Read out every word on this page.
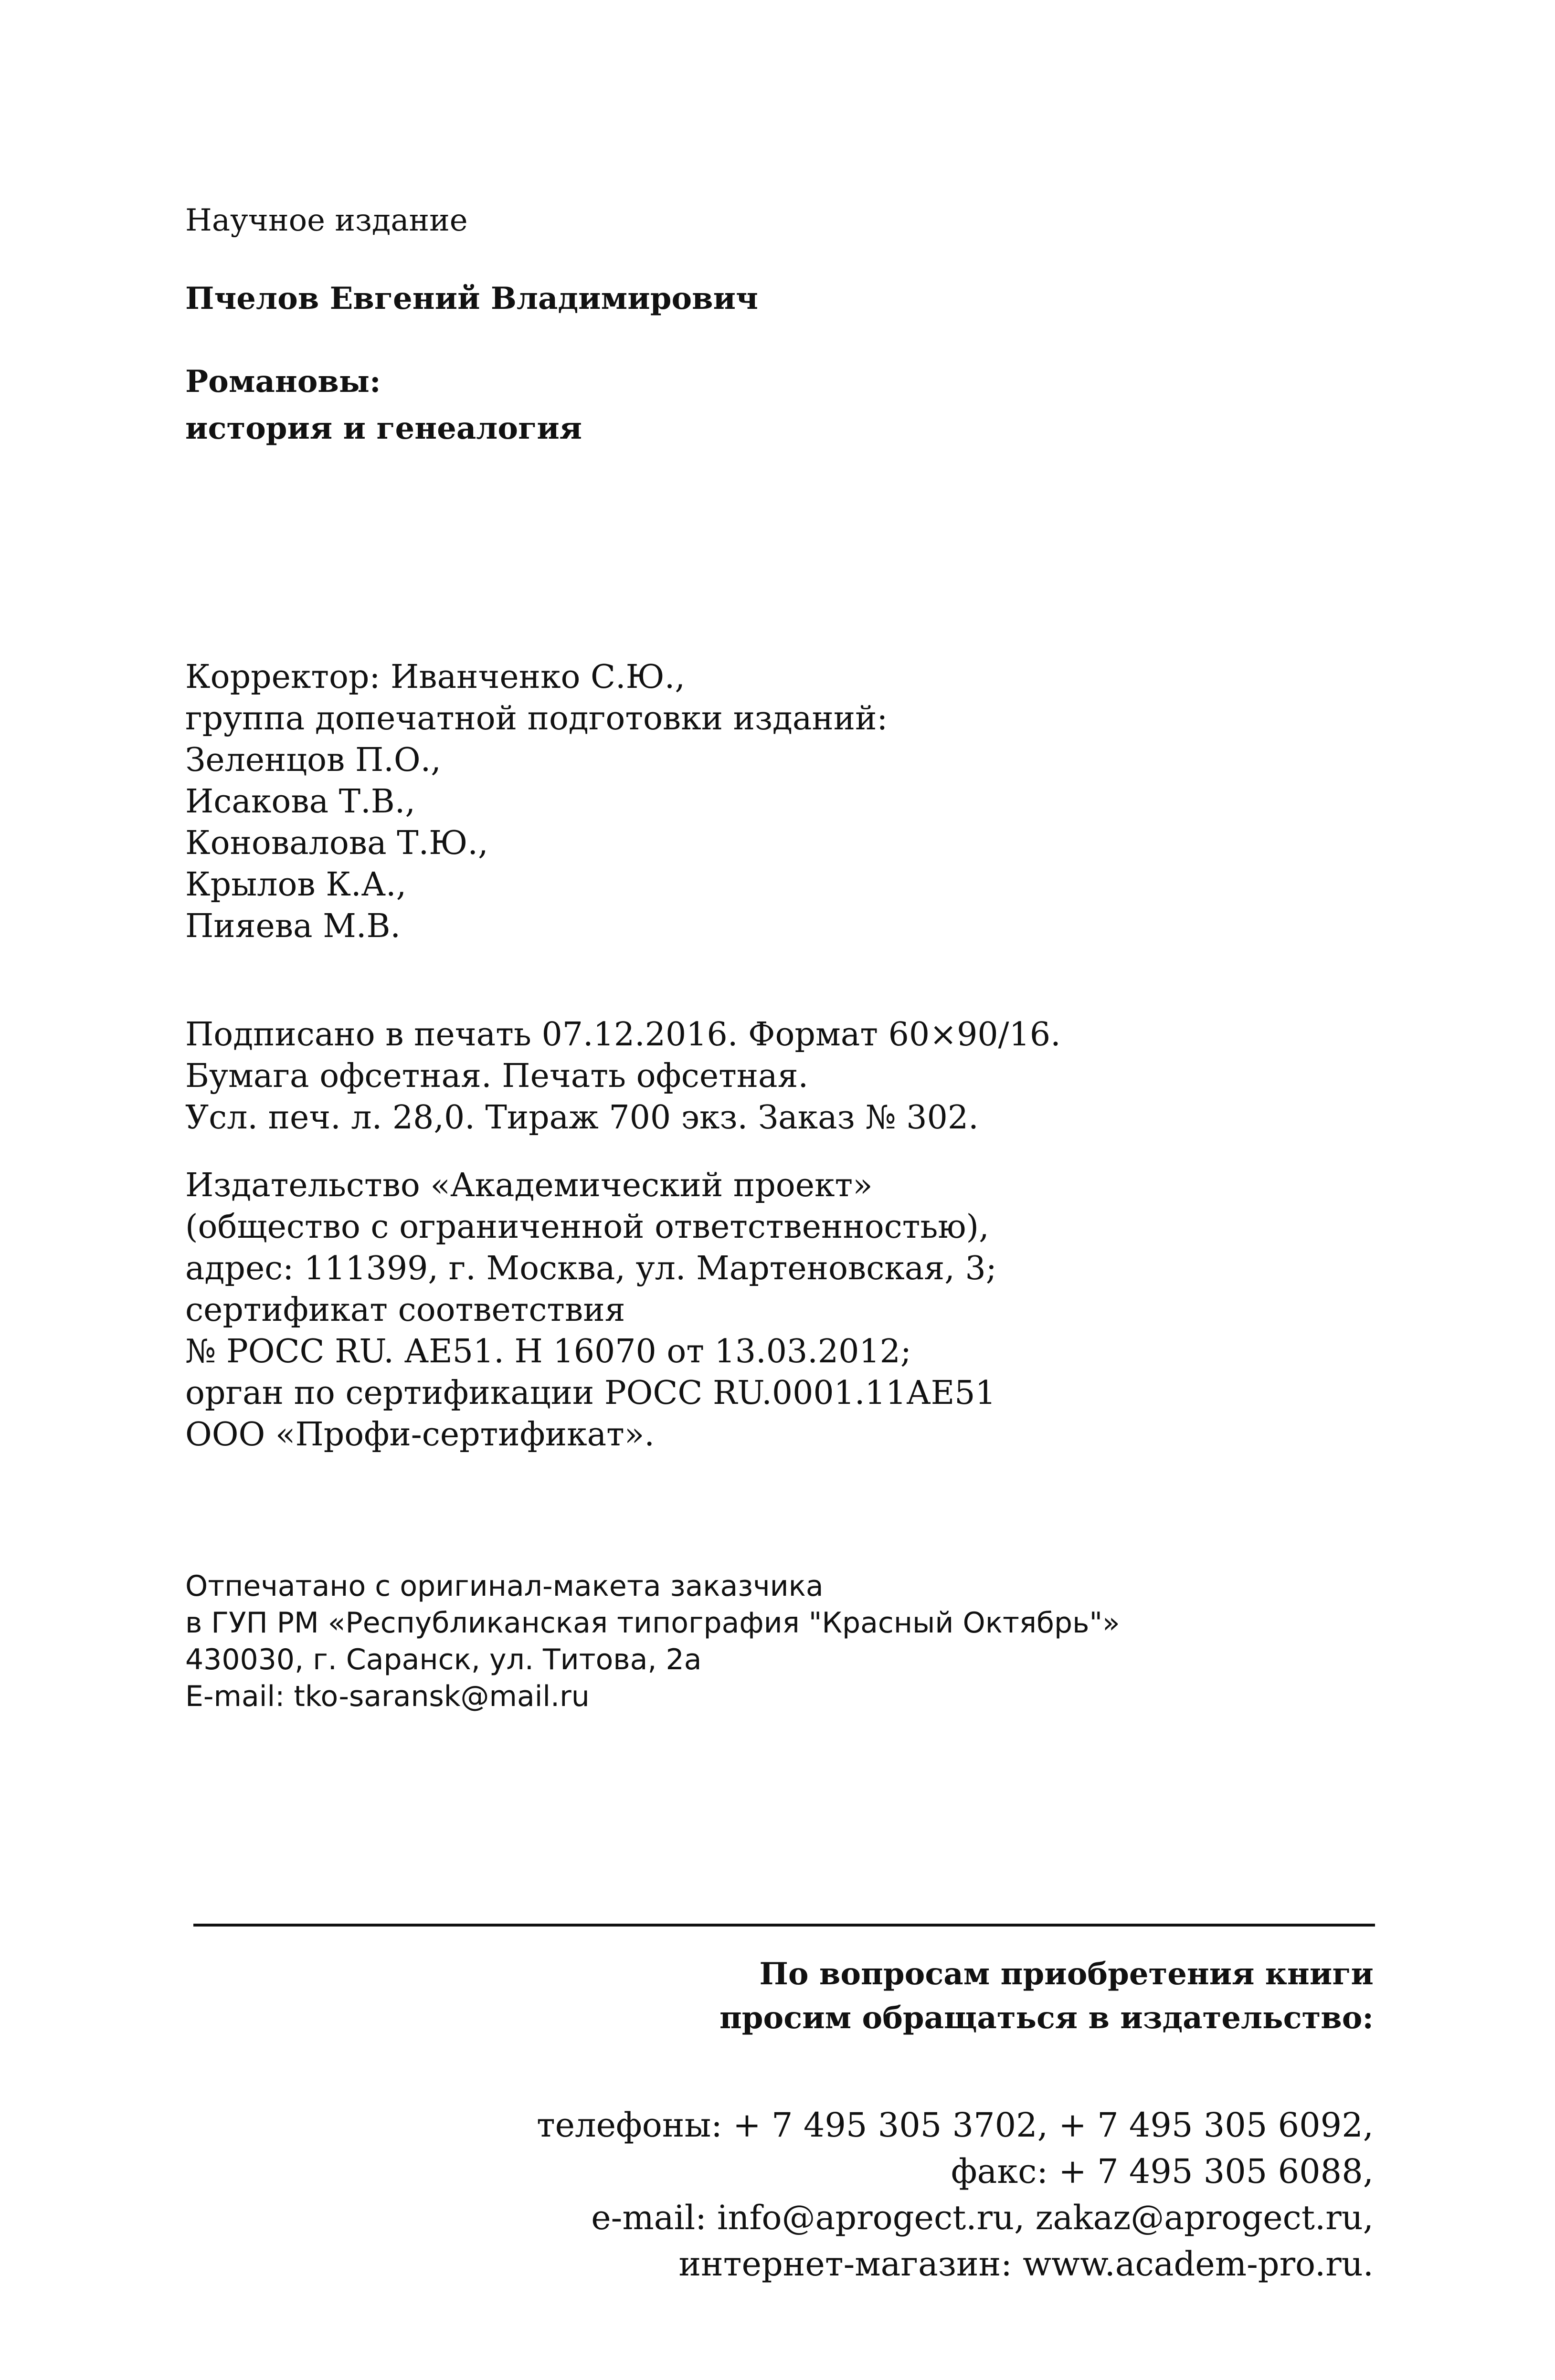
Научное издание
Пчелов Евгений Владимирович
Романовы:
история и генеалогия
Корректор: Иванченко С.Ю.,
группа допечатной подготовки изданий:
Зеленцов П.О.,
Исакова Т.В.,
Коновалова Т.Ю.,
Крылов К.А.,
Пияева М.В.
Подписано в печать 07.12.2016. Формат 60×90/16.
Бумага офсетная. Печать офсетная.
Усл. печ. л. 28,0. Тираж 700 экз. Заказ № 302.
Издательство «Академический проект»
(общество с ограниченной ответственностью),
адрес: 111399, г. Москва, ул. Мартеновская, 3;
сертификат соответствия
№ РОСС RU. АЕ51. Н 16070 от 13.03.2012;
орган по сертификации РОСС RU.0001.11АЕ51
ООО «Профи-сертификат».
Отпечатано с оригинал-макета заказчика
в ГУП РМ «Республиканская типография "Красный Октябрь"»
430030, г. Саранск, ул. Титова, 2а
E-mail: tko-saransk@mail.ru
По вопросам приобретения книги
просим обращаться в издательство:
телефоны: + 7 495 305 3702, + 7 495 305 6092,
факс: + 7 495 305 6088,
e-mail: info@aprogect.ru, zakaz@aprogect.ru,
интернет-магазин: www.academ-pro.ru.
